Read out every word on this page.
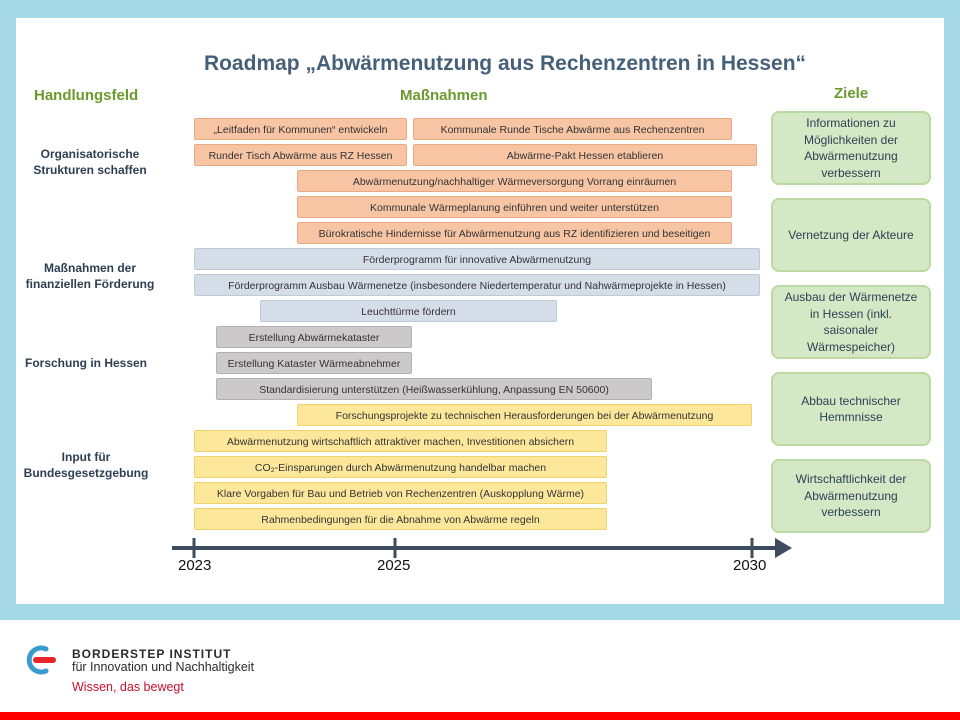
Roadmap „Abwärmenutzung aus Rechenzentren in Hessen“
Handlungsfeld	Maßnahmen	Ziele
Organisatorische Strukturen schaffen
Maßnahmen der finanziellen Förderung
Forschung in Hessen
Input für Bundesgesetzgebung
„Leitfaden für Kommunen“ entwickeln	Kommunale Runde Tische Abwärme aus Rechenzentren
Runder Tisch Abwärme aus RZ Hessen	Abwärme-Pakt Hessen etablieren
Abwärmenutzung/nachhaltiger Wärmeversorgung Vorrang einräumen
Kommunale Wärmeplanung einführen und weiter unterstützen
Bürokratische Hindernisse für Abwärmenutzung aus RZ identifizieren und beseitigen
Förderprogramm für innovative Abwärmenutzung
Förderprogramm Ausbau Wärmenetze (insbesondere Niedertemperatur und Nahwärmeprojekte in Hessen)
Leuchttürme fördern
Erstellung Abwärmekataster
Erstellung Kataster Wärmeabnehmer
Standardisierung unterstützen (Heißwasserkühlung, Anpassung EN 50600)
Forschungsprojekte zu technischen Herausforderungen bei der Abwärmenutzung
Abwärmenutzung wirtschaftlich attraktiver machen, Investitionen absichern
CO₂-Einsparungen durch Abwärmenutzung handelbar machen
Klare Vorgaben für Bau und Betrieb von Rechenzentren (Auskopplung Wärme)
Rahmenbedingungen für die Abnahme von Abwärme regeln
Informationen zu Möglichkeiten der Abwärmenutzung verbessern
Vernetzung der Akteure
Ausbau der Wärmenetze in Hessen (inkl. saisonaler Wärmespeicher)
Abbau technischer Hemmnisse
Wirtschaftlichkeit der Abwärmenutzung verbessern
2023	2025	2030
BORDERSTEP INSTITUT
für Innovation und Nachhaltigkeit
Wissen, das bewegt
